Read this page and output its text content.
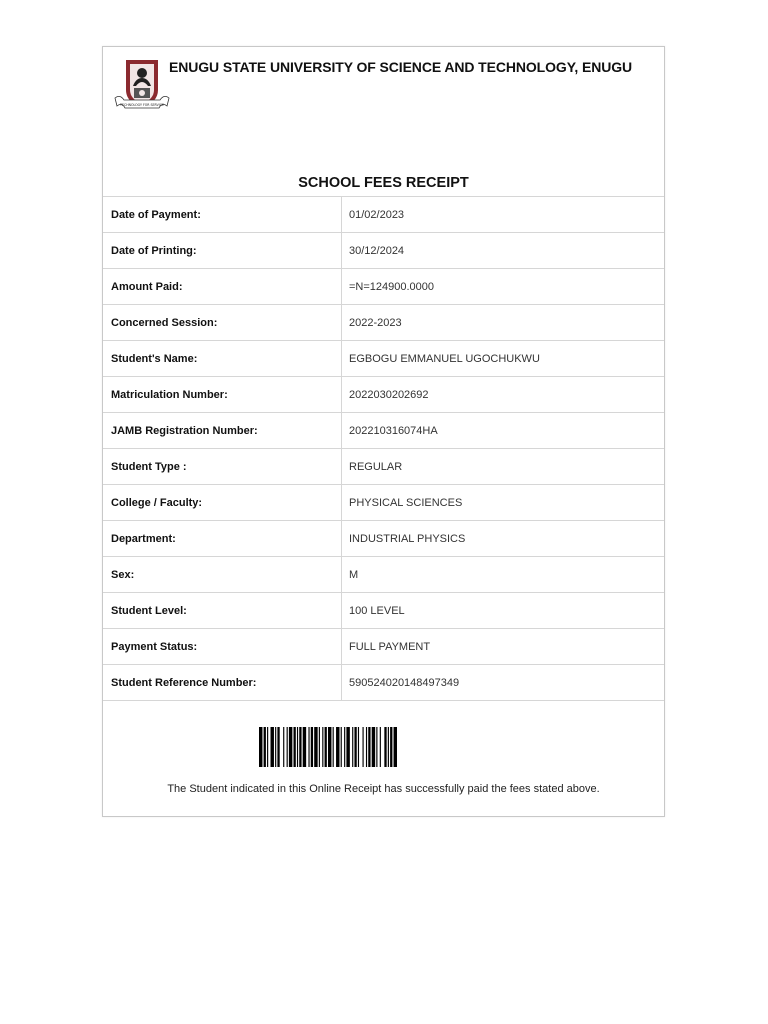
TECHNOLOGY FOR SERVICE
ENUGU STATE UNIVERSITY OF SCIENCE AND TECHNOLOGY, ENUGU
SCHOOL FEES RECEIPT
Date of Payment:	01/02/2023
Date of Printing:	30/12/2024
Amount Paid:	=N=124900.0000
Concerned Session:	2022-2023
Student's Name:	EGBOGU EMMANUEL UGOCHUKWU
Matriculation Number:	2022030202692
JAMB Registration Number:	202210316074HA
Student Type :	REGULAR
College / Faculty:	PHYSICAL SCIENCES
Department:	INDUSTRIAL PHYSICS
Sex:	M
Student Level:	100 LEVEL
Payment Status:	FULL PAYMENT
Student Reference Number:	590524020148497349
The Student indicated in this Online Receipt has successfully paid the fees stated above.
